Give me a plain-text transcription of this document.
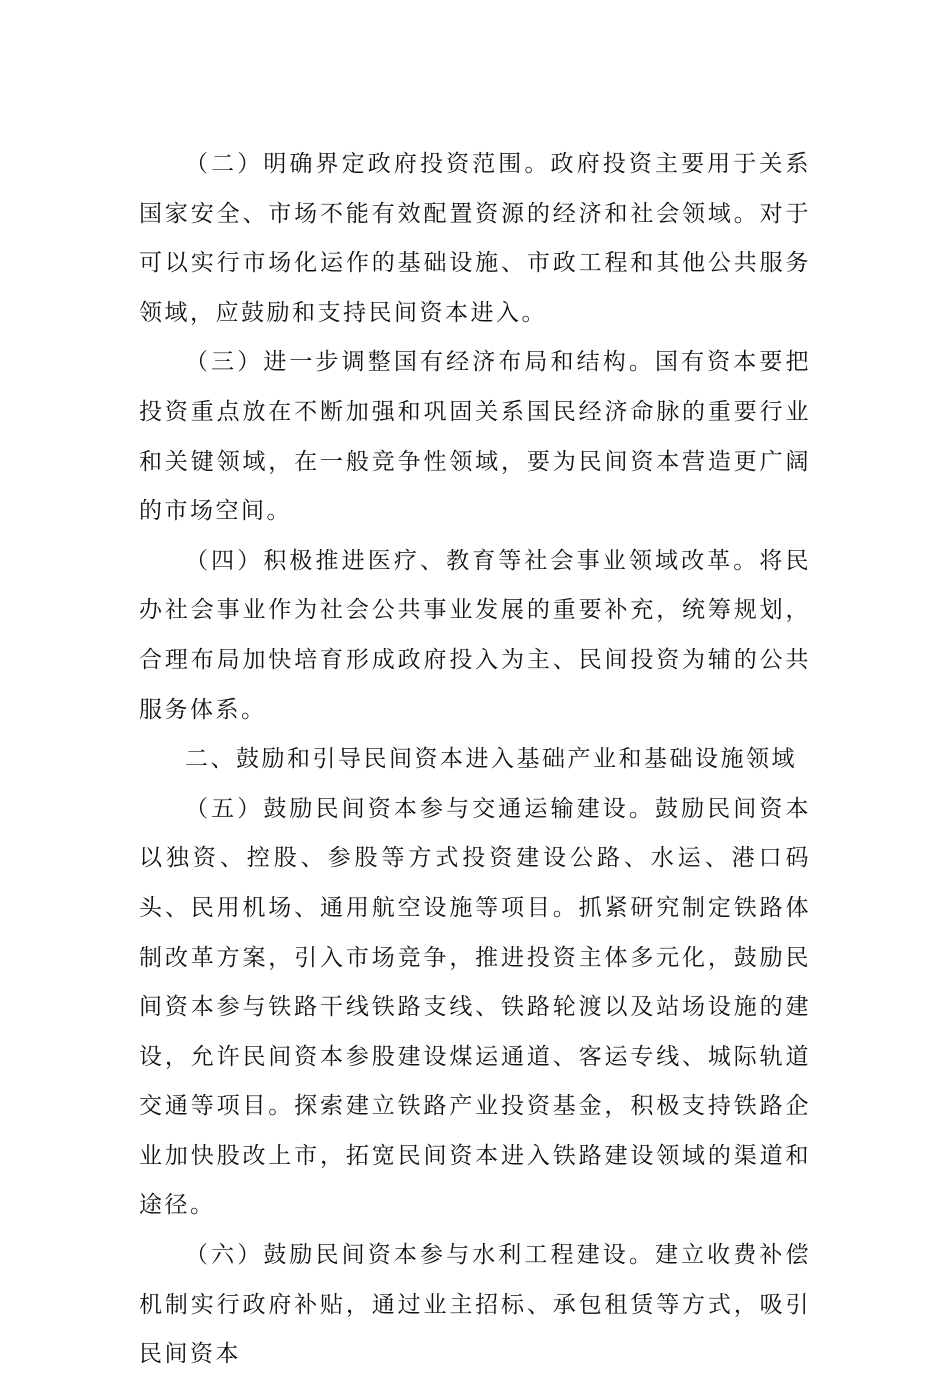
（二）明确界定政府投资范围。政府投资主要用于关系国家安全、市场不能有效配置资源的经济和社会领域。对于可以实行市场化运作的基础设施、市政工程和其他公共服务领域，应鼓励和支持民间资本进入。

（三）进一步调整国有经济布局和结构。国有资本要把投资重点放在不断加强和巩固关系国民经济命脉的重要行业和关键领域，在一般竞争性领域，要为民间资本营造更广阔的市场空间。

（四）积极推进医疗、教育等社会事业领域改革。将民办社会事业作为社会公共事业发展的重要补充，统筹规划，合理布局加快培育形成政府投入为主、民间投资为辅的公共服务体系。

二、鼓励和引导民间资本进入基础产业和基础设施领域

（五）鼓励民间资本参与交通运输建设。鼓励民间资本以独资、控股、参股等方式投资建设公路、水运、港口码头、民用机场、通用航空设施等项目。抓紧研究制定铁路体制改革方案，引入市场竞争，推进投资主体多元化，鼓励民间资本参与铁路干线铁路支线、铁路轮渡以及站场设施的建设，允许民间资本参股建设煤运通道、客运专线、城际轨道交通等项目。探索建立铁路产业投资基金，积极支持铁路企业加快股改上市，拓宽民间资本进入铁路建设领域的渠道和途径。

（六）鼓励民间资本参与水利工程建设。建立收费补偿机制实行政府补贴，通过业主招标、承包租赁等方式，吸引民间资本
